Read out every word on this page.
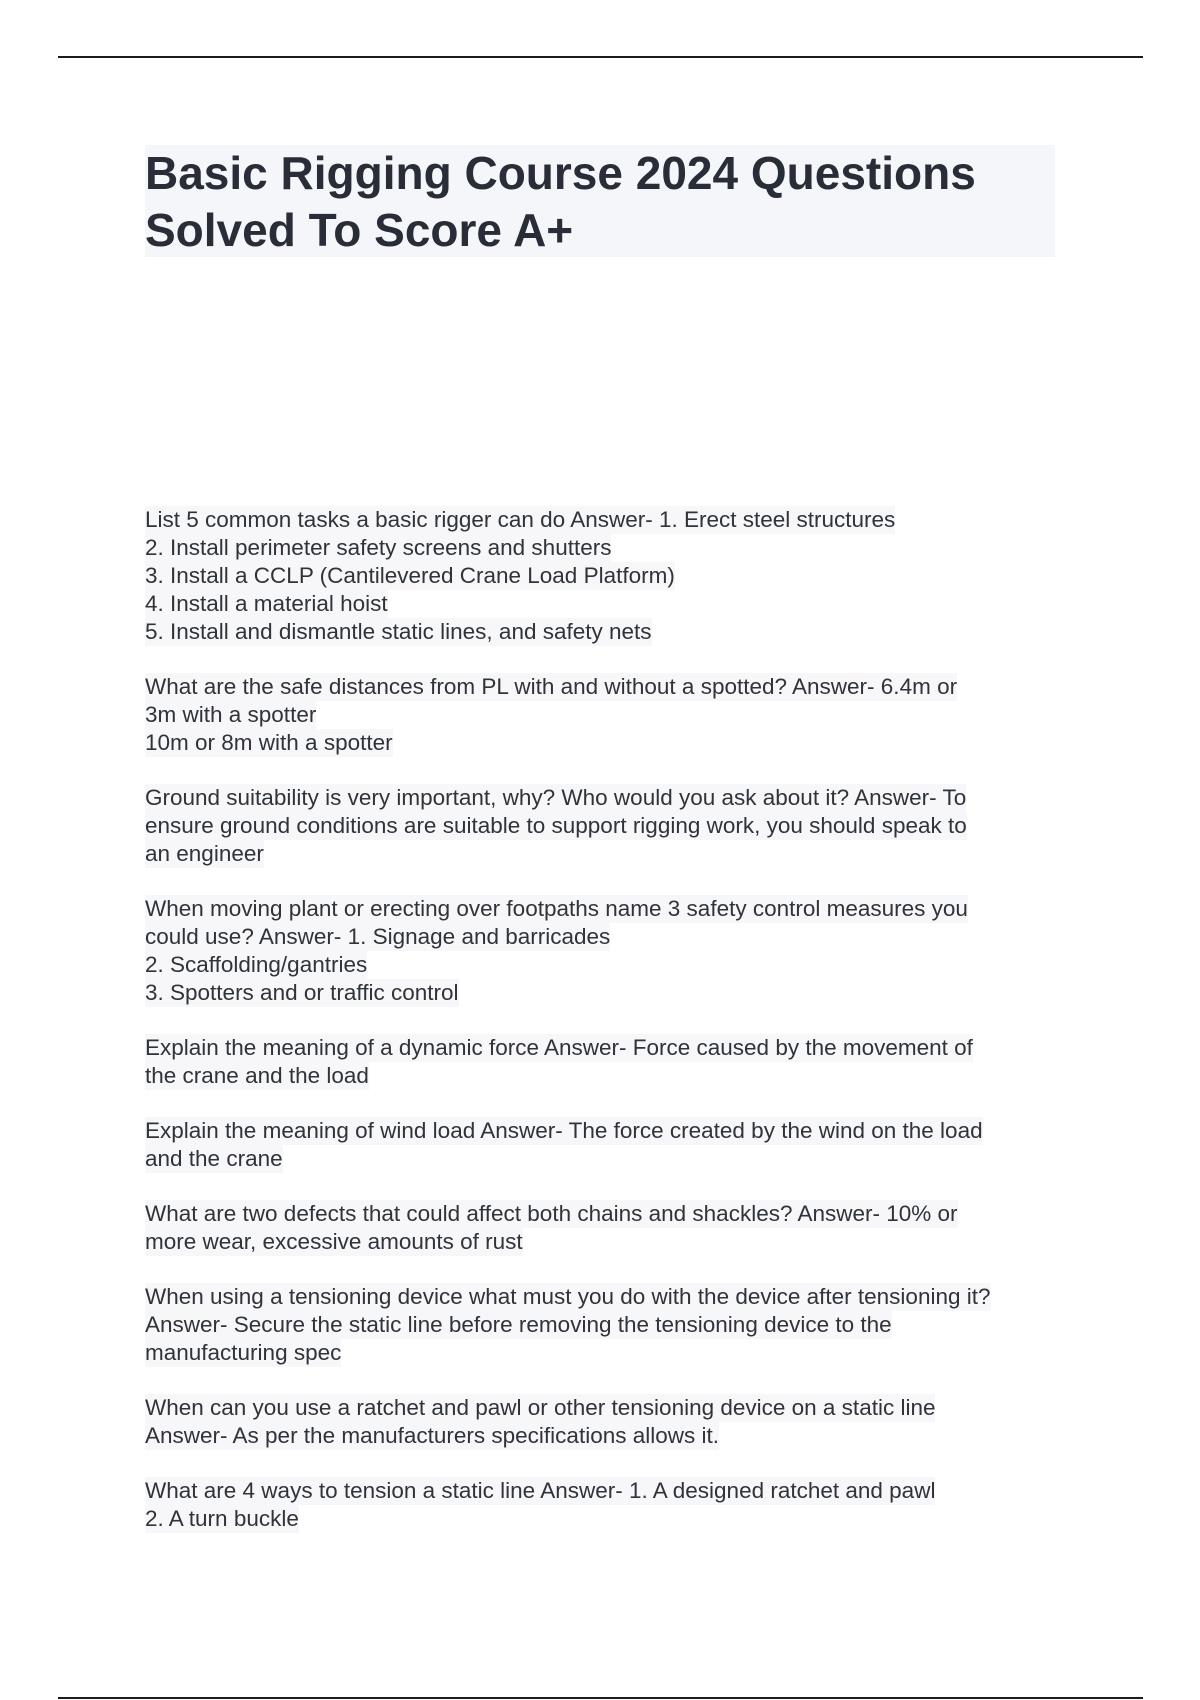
Basic Rigging Course 2024 Questions
Solved To Score A+

List 5 common tasks a basic rigger can do Answer- 1. Erect steel structures
2. Install perimeter safety screens and shutters
3. Install a CCLP (Cantilevered Crane Load Platform)
4. Install a material hoist
5. Install and dismantle static lines, and safety nets

What are the safe distances from PL with and without a spotted? Answer- 6.4m or
3m with a spotter
10m or 8m with a spotter

Ground suitability is very important, why? Who would you ask about it? Answer- To
ensure ground conditions are suitable to support rigging work, you should speak to
an engineer

When moving plant or erecting over footpaths name 3 safety control measures you
could use? Answer- 1. Signage and barricades
2. Scaffolding/gantries
3. Spotters and or traffic control

Explain the meaning of a dynamic force Answer- Force caused by the movement of
the crane and the load

Explain the meaning of wind load Answer- The force created by the wind on the load
and the crane

What are two defects that could affect both chains and shackles? Answer- 10% or
more wear, excessive amounts of rust

When using a tensioning device what must you do with the device after tensioning it?
Answer- Secure the static line before removing the tensioning device to the
manufacturing spec

When can you use a ratchet and pawl or other tensioning device on a static line
Answer- As per the manufacturers specifications allows it.

What are 4 ways to tension a static line Answer- 1. A designed ratchet and pawl
2. A turn buckle
